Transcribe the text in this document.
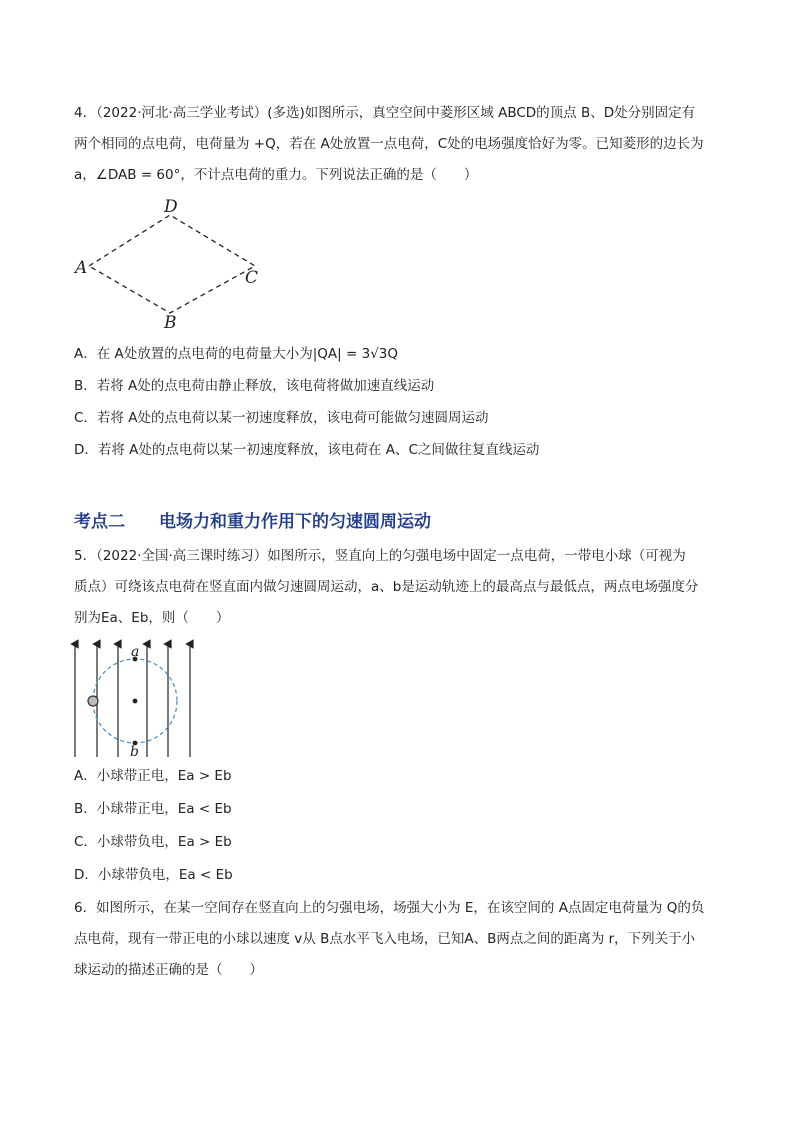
4．（2022·河北·高三学业考试）(多选)如图所示，真空空间中菱形区域 ABCD的顶点 B、D处分别固定有
两个相同的点电荷，电荷量为 +Q，若在 A处放置一点电荷，C处的电场强度恰好为零。已知菱形的边长为
a，∠DAB = 60°，不计点电荷的重力。下列说法正确的是（　　）
A
D
C
B
A．在 A处放置的点电荷的电荷量大小为|QA| = 3√3Q
B．若将 A处的点电荷由静止释放，该电荷将做加速直线运动
C．若将 A处的点电荷以某一初速度释放，该电荷可能做匀速圆周运动
D．若将 A处的点电荷以某一初速度释放，该电荷在 A、C之间做往复直线运动
考点二 电场力和重力作用下的匀速圆周运动
5．（2022·全国·高三课时练习）如图所示，竖直向上的匀强电场中固定一点电荷，一带电小球（可视为
质点）可绕该点电荷在竖直面内做匀速圆周运动，a、b是运动轨迹上的最高点与最低点，两点电场强度分
别为Ea、Eb，则（　　）
a
b
A．小球带正电，Ea > Eb
B．小球带正电，Ea < Eb
C．小球带负电，Ea > Eb
D．小球带负电，Ea < Eb
6．如图所示，在某一空间存在竖直向上的匀强电场，场强大小为 E，在该空间的 A点固定电荷量为 Q的负
点电荷，现有一带正电的小球以速度 v从 B点水平飞入电场，已知A、B两点之间的距离为 r，下列关于小
球运动的描述正确的是（　　）
